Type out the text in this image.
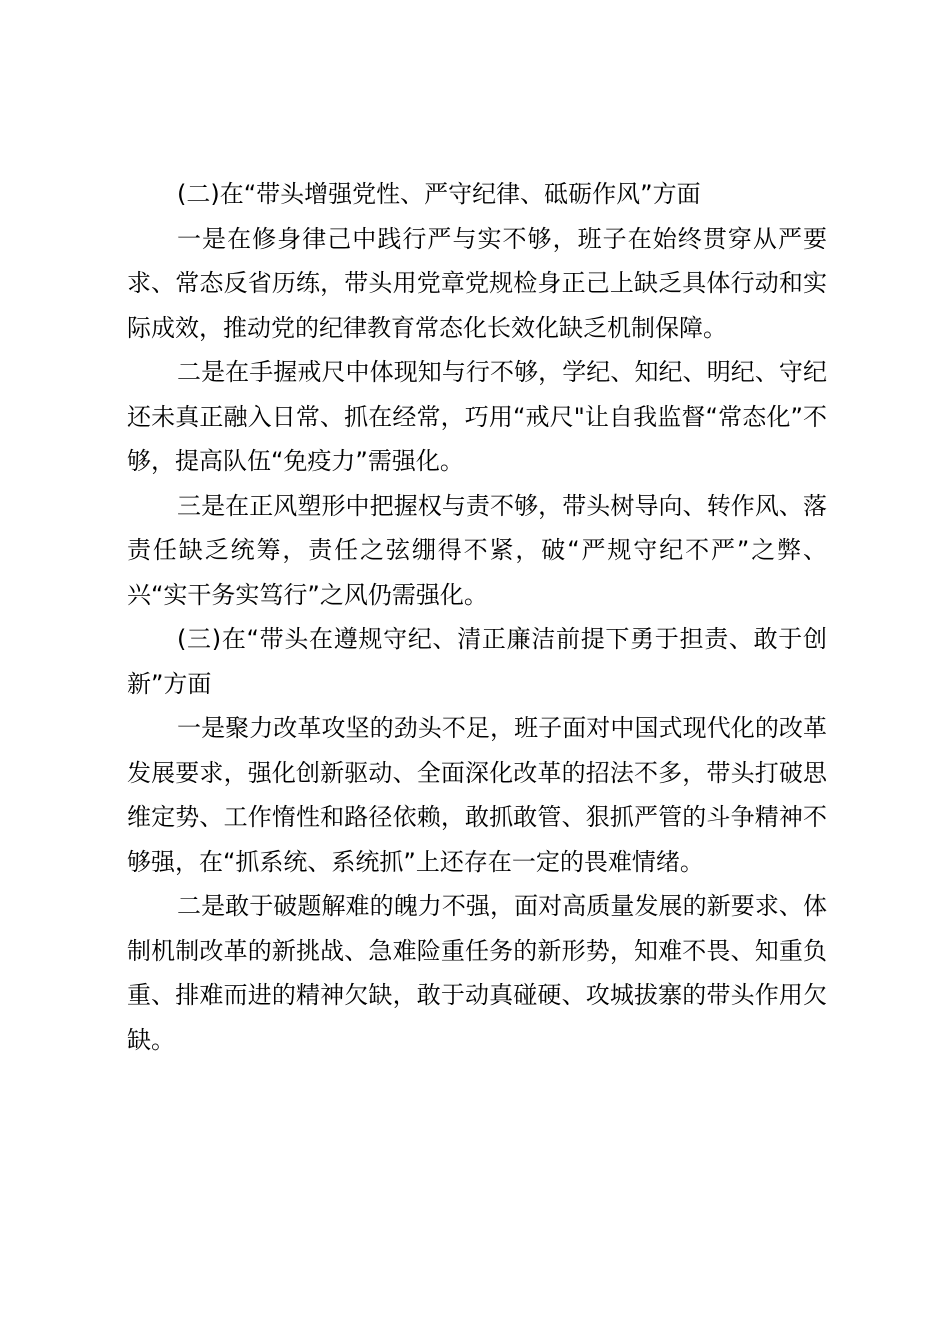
(二)在“带头增强党性、严守纪律、砥砺作风”方面

一是在修身律己中践行严与实不够，班子在始终贯穿从严要求、常态反省历练，带头用党章党规检身正己上缺乏具体行动和实际成效，推动党的纪律教育常态化长效化缺乏机制保障。

二是在手握戒尺中体现知与行不够，学纪、知纪、明纪、守纪还未真正融入日常、抓在经常，巧用“戒尺"让自我监督“常态化”不够，提高队伍“免疫力”需强化。

三是在正风塑形中把握权与责不够，带头树导向、转作风、落责任缺乏统筹，责任之弦绷得不紧，破“严规守纪不严”之弊、兴“实干务实笃行”之风仍需强化。

(三)在“带头在遵规守纪、清正廉洁前提下勇于担责、敢于创新”方面

一是聚力改革攻坚的劲头不足，班子面对中国式现代化的改革发展要求，强化创新驱动、全面深化改革的招法不多，带头打破思维定势、工作惰性和路径依赖，敢抓敢管、狠抓严管的斗争精神不够强，在“抓系统、系统抓”上还存在一定的畏难情绪。

二是敢于破题解难的魄力不强，面对高质量发展的新要求、体制机制改革的新挑战、急难险重任务的新形势，知难不畏、知重负重、排难而进的精神欠缺，敢于动真碰硬、攻城拔寨的带头作用欠缺。
